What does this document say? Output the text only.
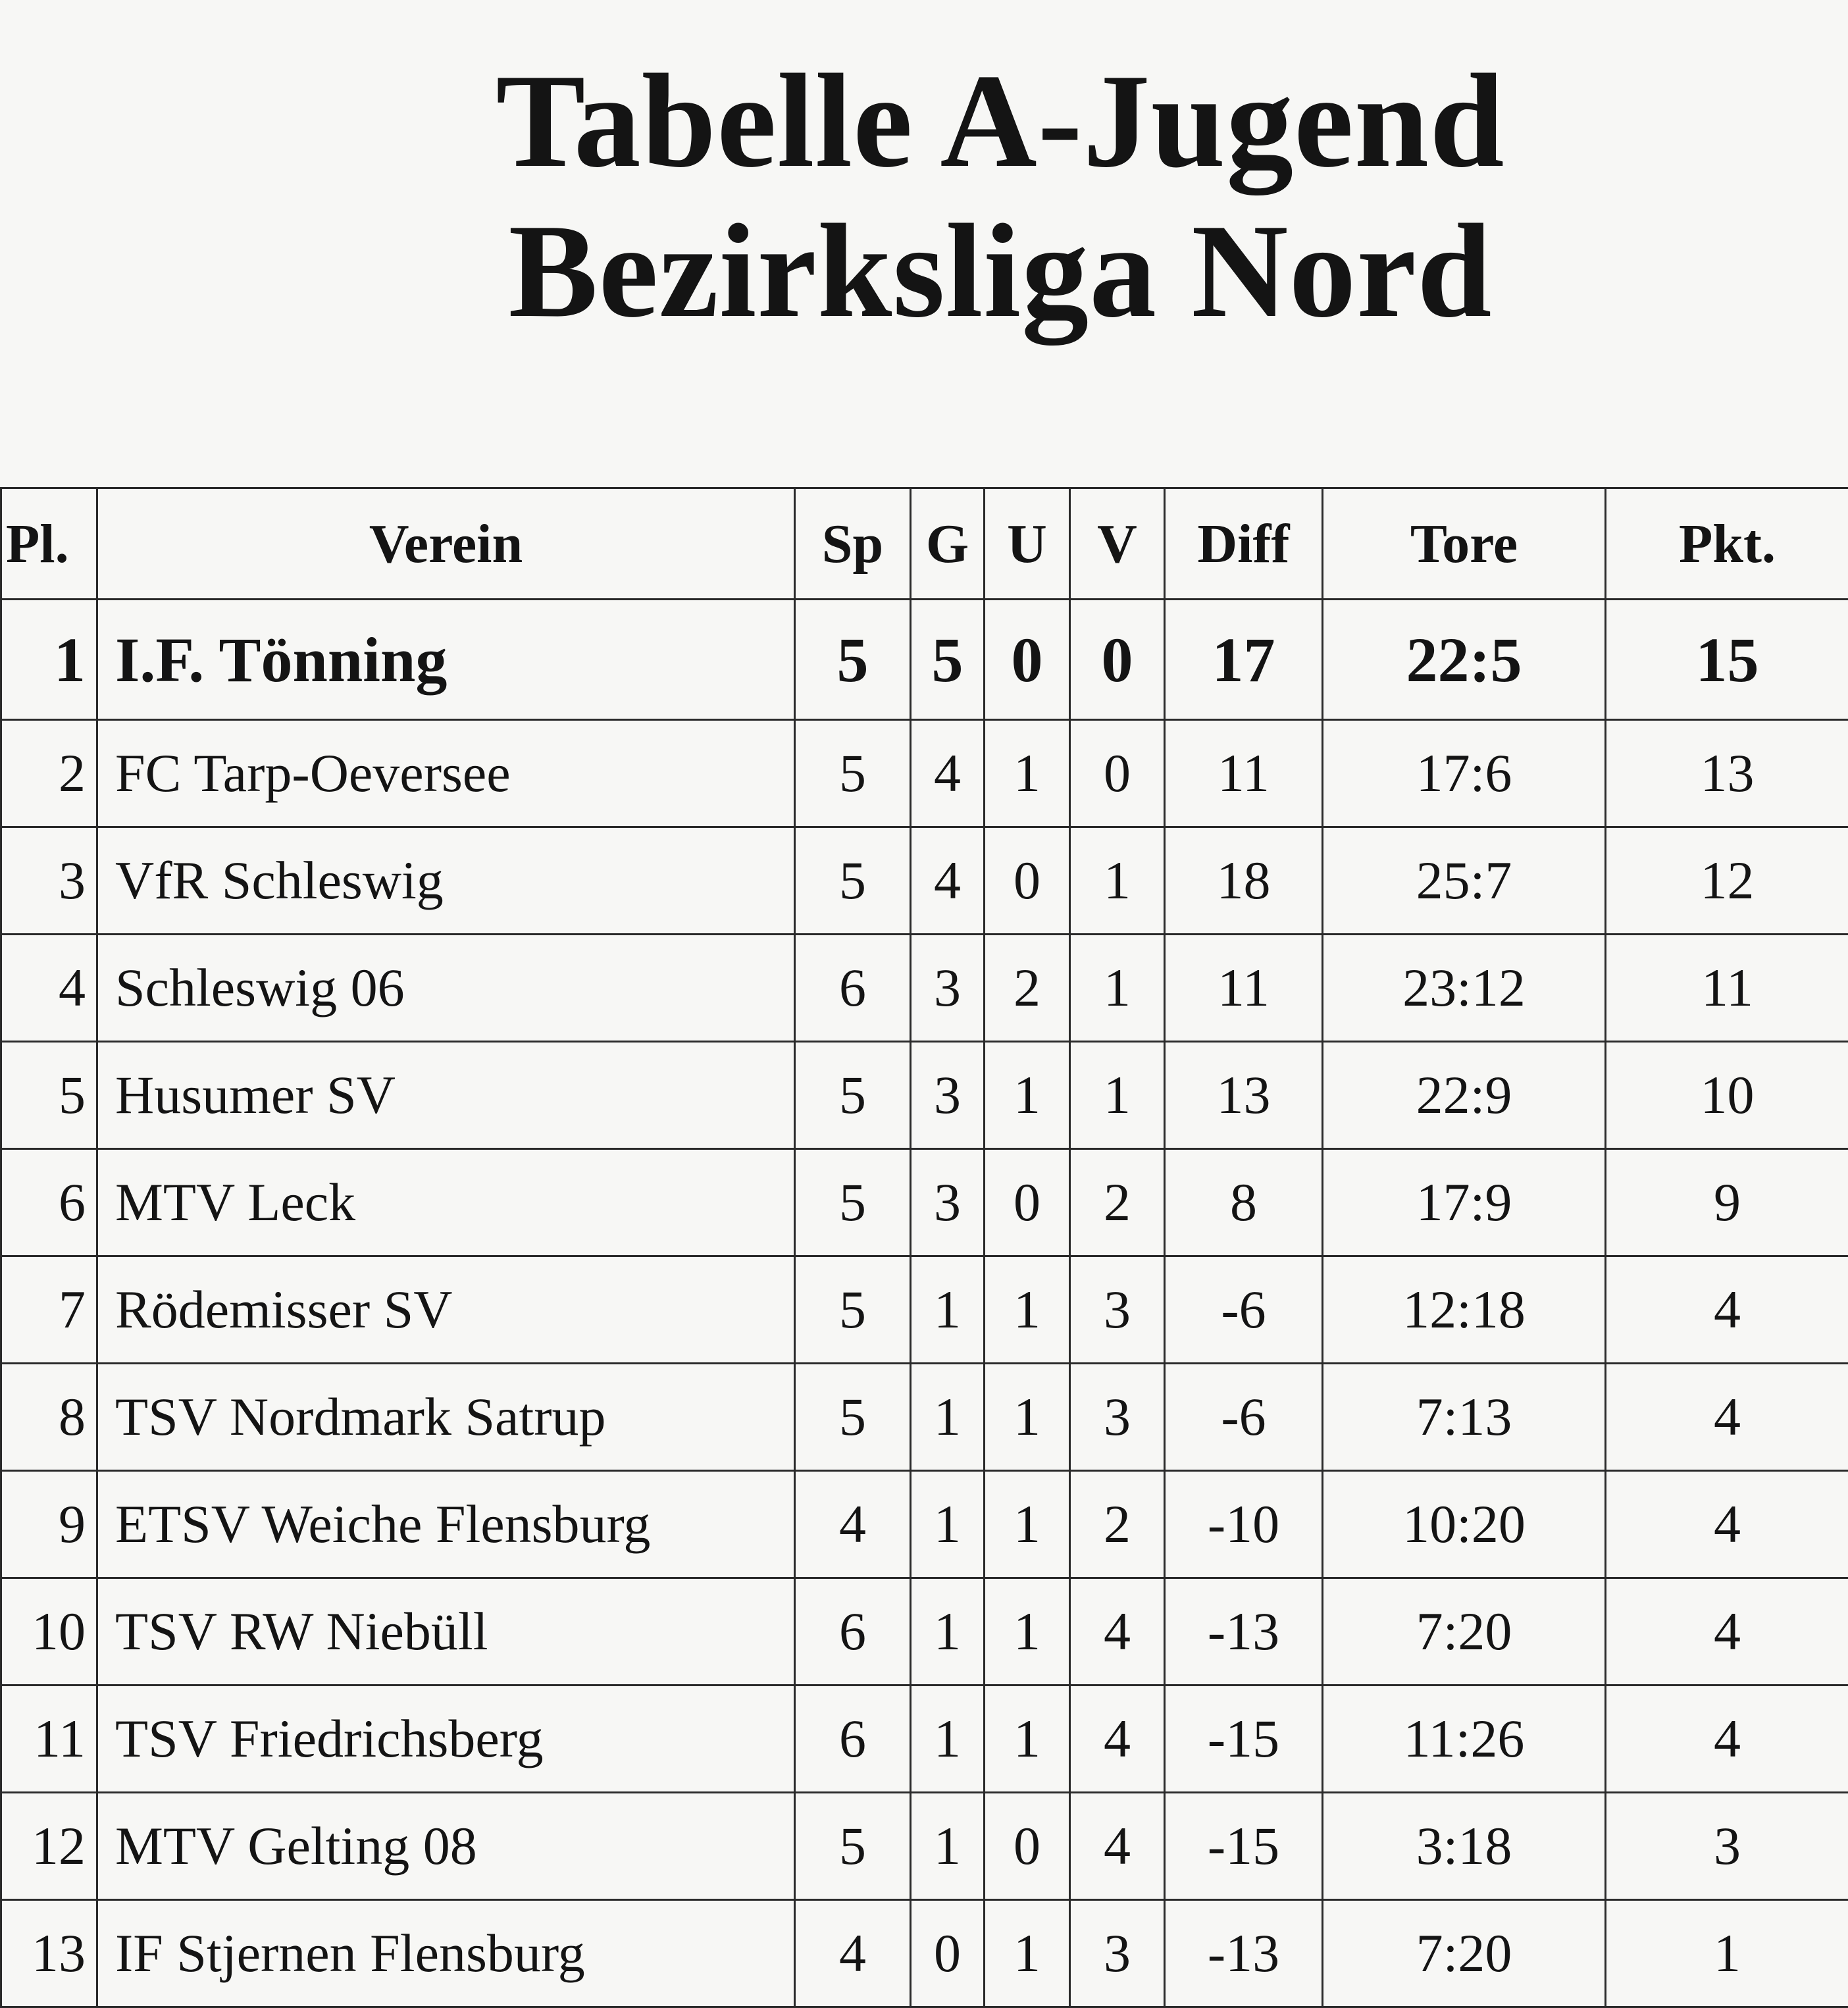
Tabelle A-Jugend
Bezirksliga Nord
Pl.	Verein	Sp	G	U	V	Diff	Tore	Pkt.
1	I.F. Tönning	5	5	0	0	17	22:5	15
2	FC Tarp-Oeversee	5	4	1	0	11	17:6	13
3	VfR Schleswig	5	4	0	1	18	25:7	12
4	Schleswig 06	6	3	2	1	11	23:12	11
5	Husumer SV	5	3	1	1	13	22:9	10
6	MTV Leck	5	3	0	2	8	17:9	9
7	Rödemisser SV	5	1	1	3	-6	12:18	4
8	TSV Nordmark Satrup	5	1	1	3	-6	7:13	4
9	ETSV Weiche Flensburg	4	1	1	2	-10	10:20	4
10	TSV RW Niebüll	6	1	1	4	-13	7:20	4
11	TSV Friedrichsberg	6	1	1	4	-15	11:26	4
12	MTV Gelting 08	5	1	0	4	-15	3:18	3
13	IF Stjernen Flensburg	4	0	1	3	-13	7:20	1
